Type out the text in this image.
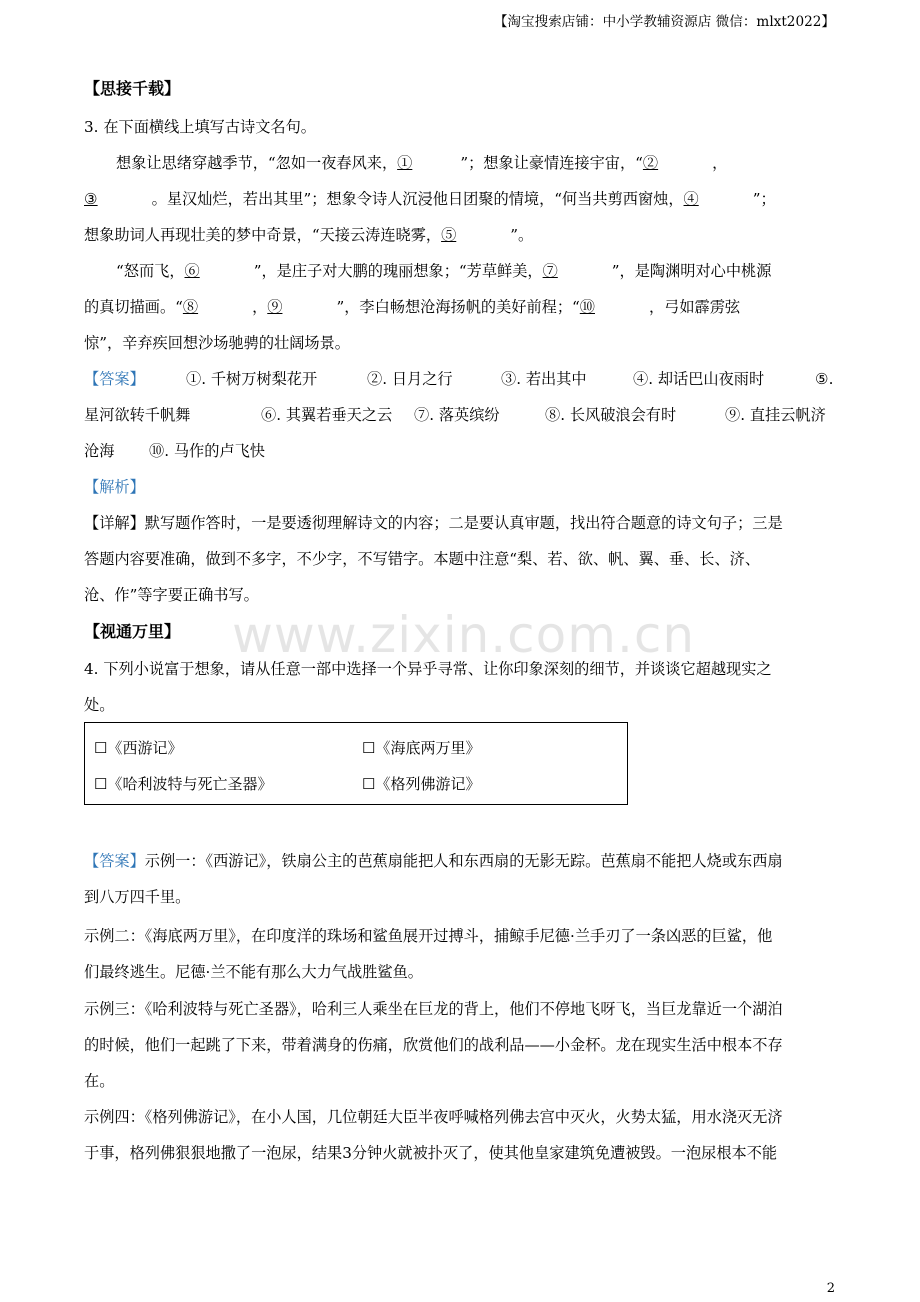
【淘宝搜索店铺：中小学教辅资源店 微信：mlxt2022】
www.zixin.com.cn
【思接千载】
3. 在下面横线上填写古诗文名句。
想象让思绪穿越季节，“忽如一夜春风来，①	”；想象让豪情连接宇宙，“②	，
③	。星汉灿烂，若出其里”；想象令诗人沉浸他日团聚的情境，“何当共剪西窗烛，④	”；
想象助词人再现壮美的梦中奇景，“天接云涛连晓雾，⑤	”。
“怒而飞，⑥	”，是庄子对大鹏的瑰丽想象；“芳草鲜美，⑦	”，是陶渊明对心中桃源
的真切描画。“⑧	，⑨	”，李白畅想沧海扬帆的美好前程；“⑩	，弓如霹雳弦
惊”，辛弃疾回想沙场驰骋的壮阔场景。
【答案】	①. 千树万树梨花开	②. 日月之行	③. 若出其中	④. 却话巴山夜雨时	⑤.
星河欲转千帆舞	⑥. 其翼若垂天之云 ⑦. 落英缤纷	⑧. 长风破浪会有时	⑨. 直挂云帆济
沧海 ⑩. 马作的卢飞快
【解析】
【详解】默写题作答时，一是要透彻理解诗文的内容；二是要认真审题，找出符合题意的诗文句子；三是
答题内容要准确，做到不多字，不少字，不写错字。本题中注意“梨、若、欲、帆、翼、垂、长、济、
沧、作”等字要正确书写。
【视通万里】
4. 下列小说富于想象，请从任意一部中选择一个异乎寻常、让你印象深刻的细节，并谈谈它超越现实之
处。
☐《西游记》	☐《海底两万里》
☐《哈利波特与死亡圣器》	☐《格列佛游记》
【答案】示例一：《西游记》，铁扇公主的芭蕉扇能把人和东西扇的无影无踪。芭蕉扇不能把人烧或东西扇
到八万四千里。
示例二：《海底两万里》，在印度洋的珠场和鲨鱼展开过搏斗，捕鲸手尼德·兰手刃了一条凶恶的巨鲨，他
们最终逃生。尼德·兰不能有那么大力气战胜鲨鱼。
示例三：《哈利波特与死亡圣器》，哈利三人乘坐在巨龙的背上，他们不停地飞呀飞，当巨龙靠近一个湖泊
的时候，他们一起跳了下来，带着满身的伤痛，欣赏他们的战利品——小金杯。龙在现实生活中根本不存
在。
示例四：《格列佛游记》，在小人国，几位朝廷大臣半夜呼喊格列佛去宫中灭火，火势太猛，用水浇灭无济
于事，格列佛狠狠地撒了一泡尿，结果3分钟火就被扑灭了，使其他皇家建筑免遭被毁。一泡尿根本不能
2
